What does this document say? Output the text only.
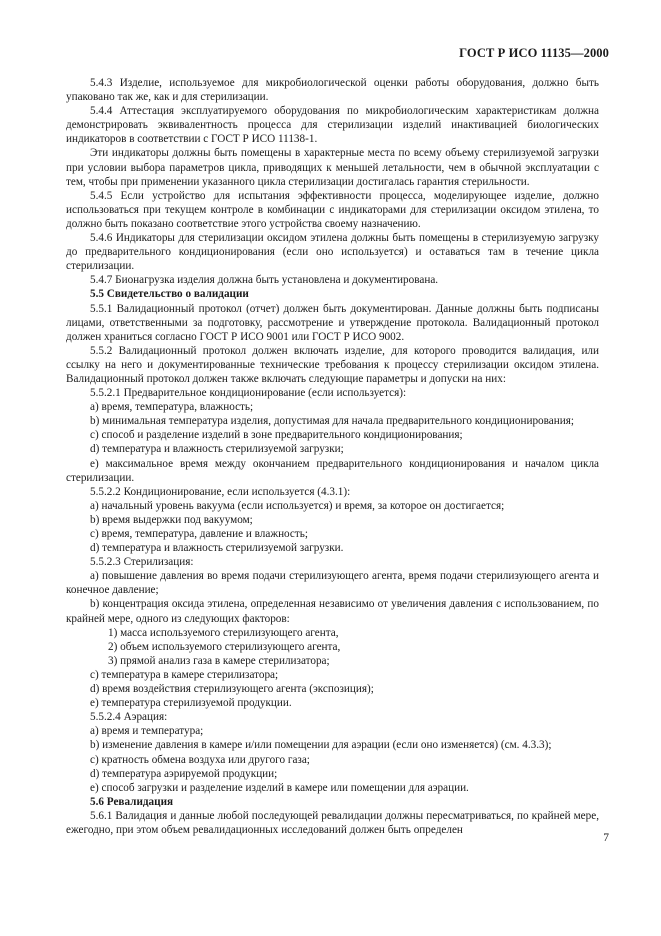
ГОСТ Р ИСО 11135—2000

5.4.3 Изделие, используемое для микробиологической оценки работы оборудования, должно быть упаковано так же, как и для стерилизации.

5.4.4 Аттестация эксплуатируемого оборудования по микробиологическим характеристикам должна демонстрировать эквивалентность процесса для стерилизации изделий инактивацией биологических индикаторов в соответствии с ГОСТ Р ИСО 11138-1.

Эти индикаторы должны быть помещены в характерные места по всему объему стерилизуемой загрузки при условии выбора параметров цикла, приводящих к меньшей летальности, чем в обычной эксплуатации с тем, чтобы при применении указанного цикла стерилизации достигалась гарантия стерильности.

5.4.5 Если устройство для испытания эффективности процесса, моделирующее изделие, должно использоваться при текущем контроле в комбинации с индикаторами для стерилизации оксидом этилена, то должно быть показано соответствие этого устройства своему назначению.

5.4.6 Индикаторы для стерилизации оксидом этилена должны быть помещены в стерилизуемую загрузку до предварительного кондиционирования (если оно используется) и оставаться там в течение цикла стерилизации.

5.4.7 Бионагрузка изделия должна быть установлена и документирована.

5.5 Свидетельство о валидации

5.5.1 Валидационный протокол (отчет) должен быть документирован. Данные должны быть подписаны лицами, ответственными за подготовку, рассмотрение и утверждение протокола. Валидационный протокол должен храниться согласно ГОСТ Р ИСО 9001 или ГОСТ Р ИСО 9002.

5.5.2 Валидационный протокол должен включать изделие, для которого проводится валидация, или ссылку на него и документированные технические требования к процессу стерилизации оксидом этилена. Валидационный протокол должен также включать следующие параметры и допуски на них:

5.5.2.1 Предварительное кондиционирование (если используется):

a) время, температура, влажность;

b) минимальная температура изделия, допустимая для начала предварительного кондиционирования;

c) способ и разделение изделий в зоне предварительного кондиционирования;

d) температура и влажность стерилизуемой загрузки;

e) максимальное время между окончанием предварительного кондиционирования и началом цикла стерилизации.

5.5.2.2 Кондиционирование, если используется (4.3.1):

a) начальный уровень вакуума (если используется) и время, за которое он достигается;

b) время выдержки под вакуумом;

c) время, температура, давление и влажность;

d) температура и влажность стерилизуемой загрузки.

5.5.2.3 Стерилизация:

a) повышение давления во время подачи стерилизующего агента, время подачи стерилизующего агента и конечное давление;

b) концентрация оксида этилена, определенная независимо от увеличения давления с использованием, по крайней мере, одного из следующих факторов:

1) масса используемого стерилизующего агента,

2) объем используемого стерилизующего агента,

3) прямой анализ газа в камере стерилизатора;

c) температура в камере стерилизатора;

d) время воздействия стерилизующего агента (экспозиция);

e) температура стерилизуемой продукции.

5.5.2.4 Аэрация:

a) время и температура;

b) изменение давления в камере и/или помещении для аэрации (если оно изменяется) (см. 4.3.3);

c) кратность обмена воздуха или другого газа;

d) температура аэрируемой продукции;

e) способ загрузки и разделение изделий в камере или помещении для аэрации.

5.6 Ревалидация

5.6.1 Валидация и данные любой последующей ревалидации должны пересматриваться, по крайней мере, ежегодно, при этом объем ревалидационных исследований должен быть определен

7
